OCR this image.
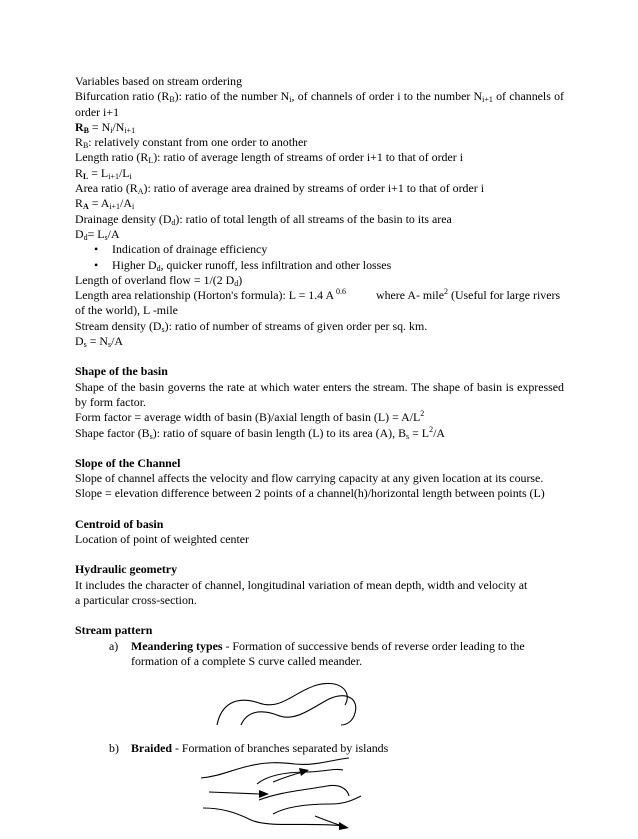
Variables based on stream ordering
Bifurcation ratio $(R_B)$: ratio of the number $N_i$, of channels of order i to the number $N_{i+1}$ of channels of order i+1
$R_B = N_i/N_{i+1}$
$R_B$: relatively constant from one order to another
Length ratio $(R_L)$: ratio of average length of streams of order i+1 to that of order i
$R_L = L_{i+1}/L_i$
Area ratio $(R_A)$: ratio of average area drained by streams of order i+1 to that of order i
$R_A = A_{i+1}/A_i$
Drainage density $(D_d)$: ratio of total length of all streams of the basin to its area
$D_d= L_s/A$
• Indication of drainage efficiency
• Higher $D_d$, quicker runoff, less infiltration and other losses
Length of overland flow = 1/(2 $D_d$)
Length area relationship (Horton's formula): L = 1.4 A $^{0.6}$	where A- mile$^2$ (Useful for large rivers
of the world), L -mile
Stream density $(D_s)$: ratio of number of streams of given order per sq. km.
$D_s = N_s/A$
Shape of the basin
Shape of the basin governs the rate at which water enters the stream. The shape of basin is expressed by form factor.
Form factor = average width of basin (B)/axial length of basin $(L) = A/L^2$
Shape factor $(B_s)$: ratio of square of basin length (L) to its area (A), $B_s = L^2/A$
Slope of the Channel
Slope of channel affects the velocity and flow carrying capacity at any given location at its course.
Slope = elevation difference between 2 points of a channel(h)/horizontal length between points (L)
Centroid of basin
Location of point of weighted center
Hydraulic geometry
It includes the character of channel, longitudinal variation of mean depth, width and velocity at a particular cross-section.
Stream pattern
a) Meandering types - Formation of successive bends of reverse order leading to the formation of a complete S curve called meander.
b) Braided - Formation of branches separated by islands
